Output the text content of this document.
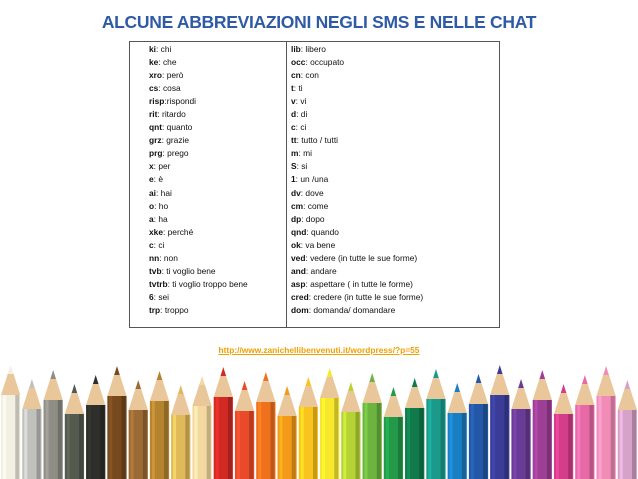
ALCUNE ABBREVIAZIONI NEGLI SMS E NELLE CHAT
ki: chi
ke: che
xro: però
cs: cosa
risp:rispondi
rit: ritardo
qnt: quanto
grz: grazie
prg: prego
x: per
e: è
ai: hai
o: ho
a: ha
xke: perché
c: ci
nn: non
tvb: ti voglio bene
tvtrb: ti voglio troppo bene
6: sei
trp: troppo
lib: libero
occ: occupato
cn: con
t: ti
v: vi
d: di
c: ci
tt: tutto / tutti
m: mi
S: si
1: un /una
dv: dove
cm: come
dp: dopo
qnd: quando
ok: va bene
ved: vedere (in tutte le sue forme)
and: andare
asp: aspettare ( in tutte le forme)
cred: credere (in tutte le sue forme)
dom: domanda/ domandare
http://www.zanichellibenvenuti.it/wordpress/?p=55
